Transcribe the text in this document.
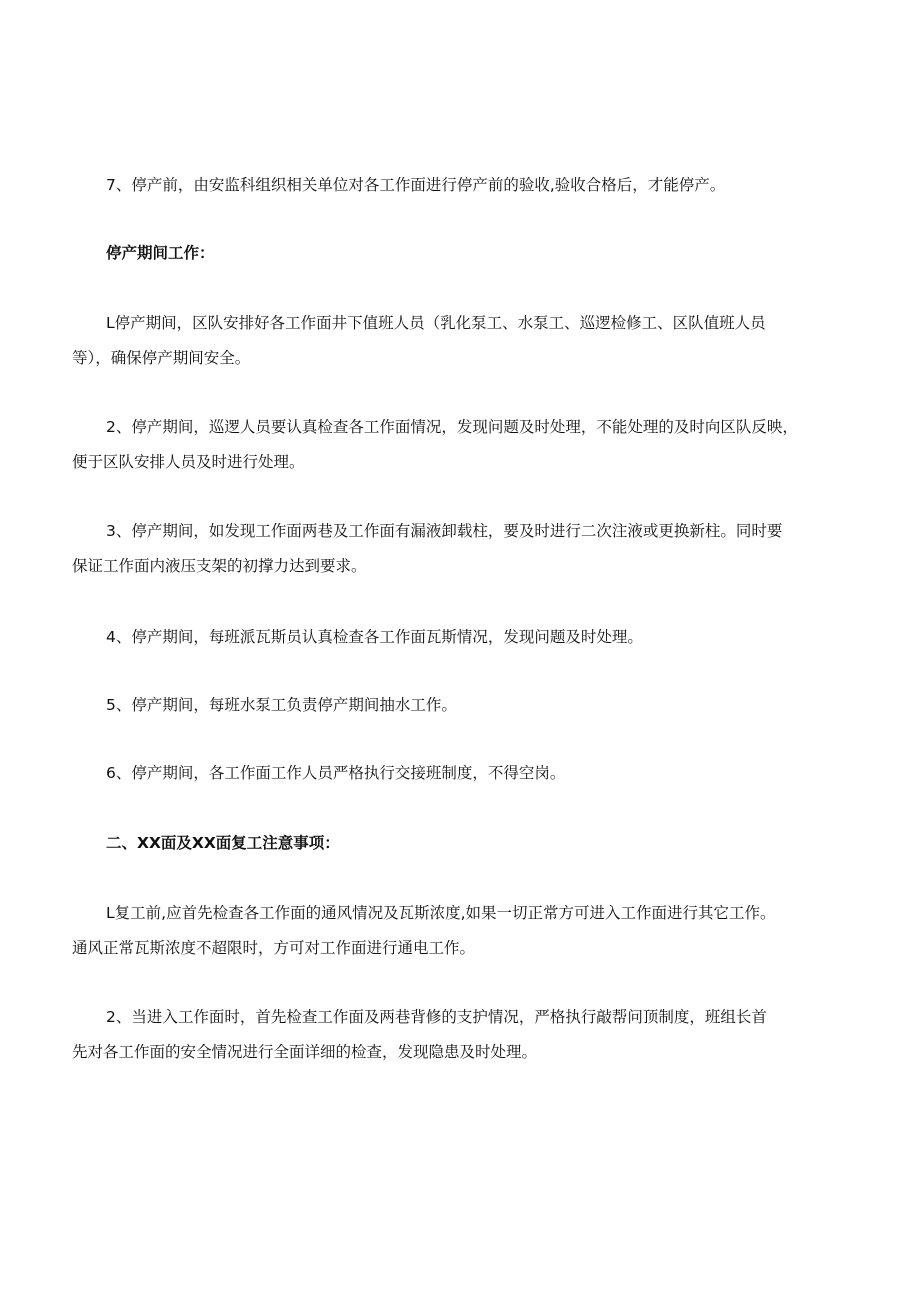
7、停产前，由安监科组织相关单位对各工作面进行停产前的验收,验收合格后，才能停产。

停产期间工作：

L停产期间，区队安排好各工作面井下值班人员（乳化泵工、水泵工、巡逻检修工、区队值班人员
等），确保停产期间安全。

2、停产期间，巡逻人员要认真检查各工作面情况，发现问题及时处理，不能处理的及时向区队反映，
便于区队安排人员及时进行处理。

3、停产期间，如发现工作面两巷及工作面有漏液卸载柱，要及时进行二次注液或更换新柱。同时要
保证工作面内液压支架的初撑力达到要求。

4、停产期间，每班派瓦斯员认真检查各工作面瓦斯情况，发现问题及时处理。

5、停产期间，每班水泵工负责停产期间抽水工作。

6、停产期间，各工作面工作人员严格执行交接班制度，不得空岗。

二、XX面及XX面复工注意事项：

L复工前,应首先检查各工作面的通风情况及瓦斯浓度,如果一切正常方可进入工作面进行其它工作。
通风正常瓦斯浓度不超限时，方可对工作面进行通电工作。

2、当进入工作面时，首先检查工作面及两巷背修的支护情况，严格执行敲帮问顶制度，班组长首
先对各工作面的安全情况进行全面详细的检查，发现隐患及时处理。
